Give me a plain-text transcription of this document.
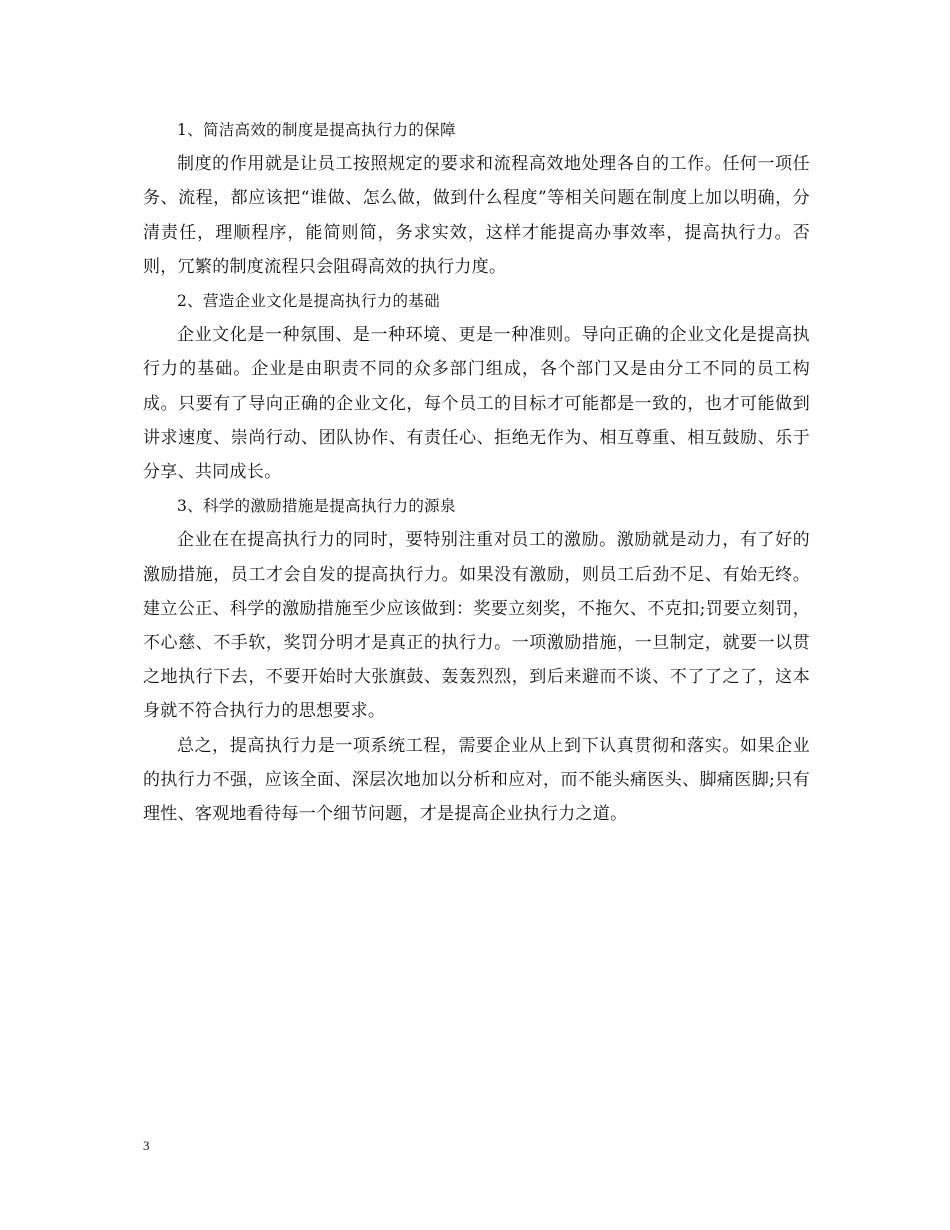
1、简洁高效的制度是提高执行力的保障

制度的作用就是让员工按照规定的要求和流程高效地处理各自的工作。任何一项任务、流程，都应该把“谁做、怎么做，做到什么程度”等相关问题在制度上加以明确，分清责任，理顺程序，能简则简，务求实效，这样才能提高办事效率，提高执行力。否则，冗繁的制度流程只会阻碍高效的执行力度。

2、营造企业文化是提高执行力的基础

企业文化是一种氛围、是一种环境、更是一种准则。导向正确的企业文化是提高执行力的基础。企业是由职责不同的众多部门组成，各个部门又是由分工不同的员工构成。只要有了导向正确的企业文化，每个员工的目标才可能都是一致的，也才可能做到讲求速度、崇尚行动、团队协作、有责任心、拒绝无作为、相互尊重、相互鼓励、乐于分享、共同成长。

3、科学的激励措施是提高执行力的源泉

企业在在提高执行力的同时，要特别注重对员工的激励。激励就是动力，有了好的激励措施，员工才会自发的提高执行力。如果没有激励，则员工后劲不足、有始无终。建立公正、科学的激励措施至少应该做到：奖要立刻奖，不拖欠、不克扣;罚要立刻罚，不心慈、不手软，奖罚分明才是真正的执行力。一项激励措施，一旦制定，就要一以贯之地执行下去，不要开始时大张旗鼓、轰轰烈烈，到后来避而不谈、不了了之了，这本身就不符合执行力的思想要求。

总之，提高执行力是一项系统工程，需要企业从上到下认真贯彻和落实。如果企业的执行力不强，应该全面、深层次地加以分析和应对，而不能头痛医头、脚痛医脚;只有理性、客观地看待每一个细节问题，才是提高企业执行力之道。

3
